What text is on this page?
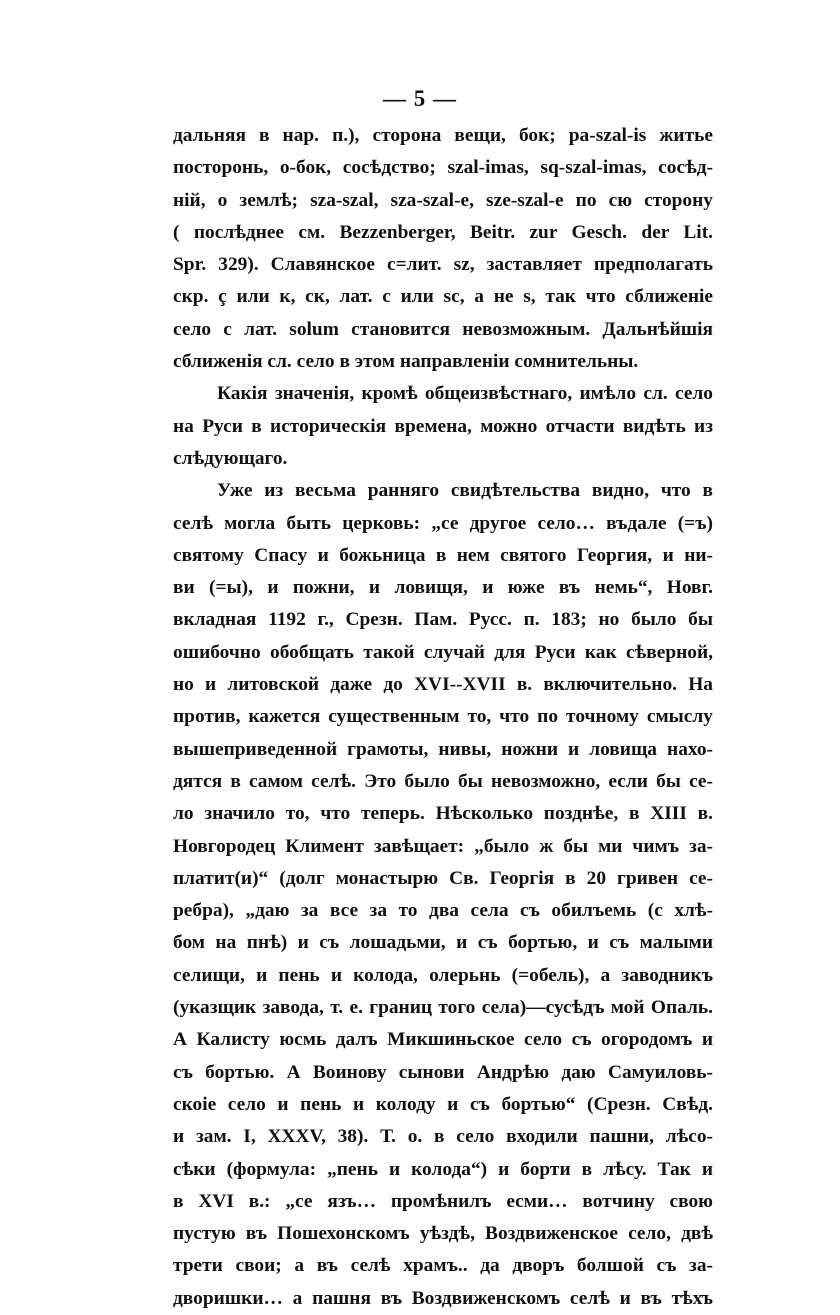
— 5 —
дальняя в нар. п.), сторона вещи, бок; pa-szal-is житье
посторонь, о-бок, сосѣдство; szal-imas, sq-szal-imas, сосѣд-
ній, о землѣ; sza-szal, sza-szal-e, sze-szal-e по сю сторону
( послѣднее см. Bezzenberger, Beitr. zur Gesch. der Lit.
Spr. 329). Славянское с=лит. sz, заставляет предполагать
скр. ç или к, ск, лат. c или sc, а не s, так что сближеніе
село с лат. solum становится невозможным. Дальнѣйшія
сближенія сл. село в этом направленіи сомнительны.
Какія значенія, кромѣ общеизвѣстнаго, имѣло сл. село
на Руси в историческія времена, можно отчасти видѣть из
слѣдующаго.
Уже из весьма ранняго свидѣтельства видно, что в
селѣ могла быть церковь: „се другое село… въдале (=ъ)
святому Спасу и божьница в нем святого Георгия, и ни-
ви (=ы), и пожни, и ловищя, и юже въ немь“, Новг.
вкладная 1192 г., Срезн. Пам. Русс. п. 183; но было бы
ошибочно обобщать такой случай для Руси как сѣверной,
но и литовской даже до XVI--XVII в. включительно. На
против, кажется существенным то, что по точному смыслу
вышеприведенной грамоты, нивы, ножни и ловища нахо-
дятся в самом селѣ. Это было бы невозможно, если бы се-
ло значило то, что теперь. Нѣсколько позднѣе, в XIII в.
Новгородец Климент завѣщает: „было ж бы ми чимъ за-
платит(и)“ (долг монастырю Св. Георгія в 20 гривен се-
ребра), „даю за все за то два села съ обилъемь (с хлѣ-
бом на пнѣ) и съ лошадьми, и съ бортью, и съ малыми
селищи, и пень и колода, олерьнь (=обель), а заводникъ
(указщик завода, т. е. границ того села)—сусѣдъ мой Опаль.
А Калисту юсмь далъ Микшиньское село съ огородомъ и
съ бортью. А Воинову сынови Андрѣю даю Самуиловь-
скоіе село и пень и колоду и съ бортью“ (Срезн. Свѣд.
и зам. I, XXXV, 38). Т. о. в село входили пашни, лѣсо-
сѣки (формула: „пень и колода“) и борти в лѣсу. Так и
в XVI в.: „се язъ… промѣнилъ есми… вотчину свою
пустую въ Пошехонскомъ уѣздѣ, Воздвиженское село, двѣ
трети свои; а въ селѣ храмъ.. да дворъ болшой съ за-
дворишки… а пашня въ Воздвиженскомъ селѣ и въ тѣхъ
